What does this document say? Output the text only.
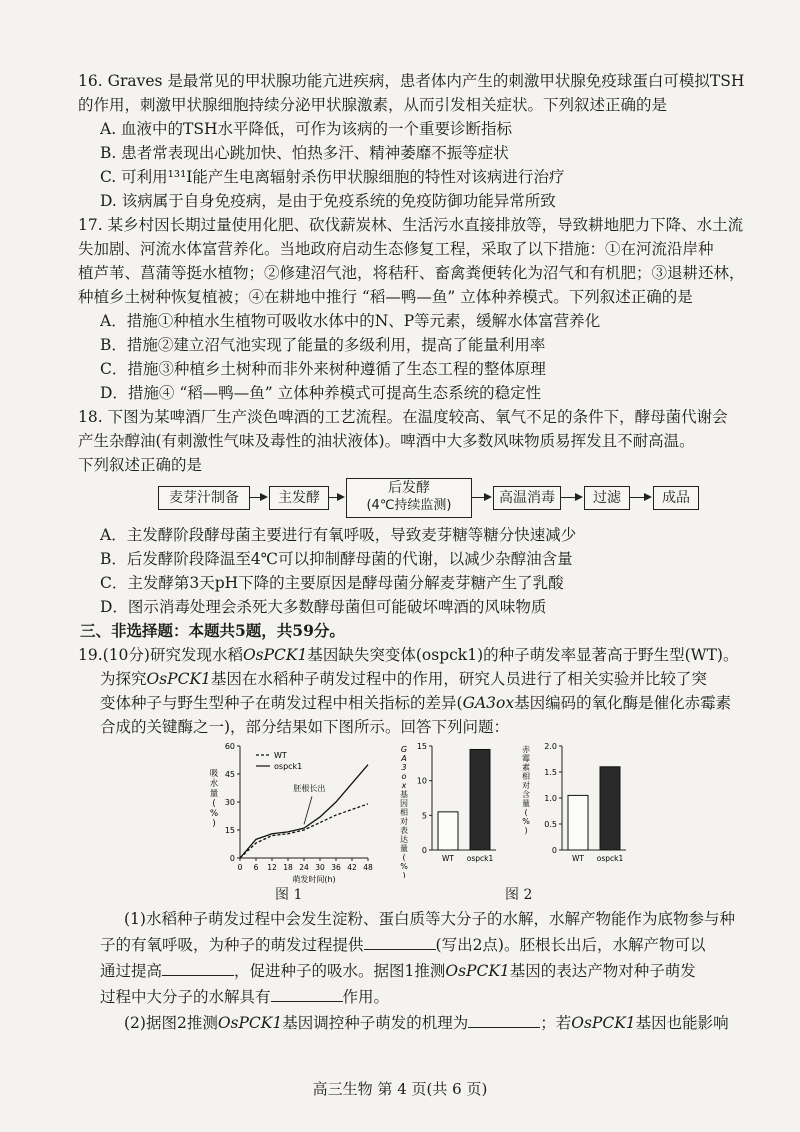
16. Graves 是最常见的甲状腺功能亢进疾病，患者体内产生的刺激甲状腺免疫球蛋白可模拟TSH
的作用，刺激甲状腺细胞持续分泌甲状腺激素，从而引发相关症状。下列叙述正确的是
A. 血液中的TSH水平降低，可作为该病的一个重要诊断指标
B. 患者常表现出心跳加快、怕热多汗、精神萎靡不振等症状
C. 可利用¹³¹I能产生电离辐射杀伤甲状腺细胞的特性对该病进行治疗
D. 该病属于自身免疫病，是由于免疫系统的免疫防御功能异常所致
17. 某乡村因长期过量使用化肥、砍伐薪炭林、生活污水直接排放等，导致耕地肥力下降、水土流
失加剧、河流水体富营养化。当地政府启动生态修复工程，采取了以下措施：①在河流沿岸种
植芦苇、菖蒲等挺水植物；②修建沼气池，将秸秆、畜禽粪便转化为沼气和有机肥；③退耕还林，
种植乡土树种恢复植被；④在耕地中推行 “稻—鸭—鱼” 立体种养模式。下列叙述正确的是
A．措施①种植水生植物可吸收水体中的N、P等元素，缓解水体富营养化
B．措施②建立沼气池实现了能量的多级利用，提高了能量利用率
C．措施③种植乡土树种而非外来树种遵循了生态工程的整体原理
D．措施④ “稻—鸭—鱼” 立体种养模式可提高生态系统的稳定性
18. 下图为某啤酒厂生产淡色啤酒的工艺流程。在温度较高、氧气不足的条件下，酵母菌代谢会
产生杂醇油(有刺激性气味及毒性的油状液体)。啤酒中大多数风味物质易挥发且不耐高温。
下列叙述正确的是
麦芽汁制备	主发酵
后发酵
(4℃持续监测)	高温消毒	过滤	成品
A．主发酵阶段酵母菌主要进行有氧呼吸，导致麦芽糖等糖分快速减少
B．后发酵阶段降温至4℃可以抑制酵母菌的代谢，以减少杂醇油含量
C．主发酵第3天pH下降的主要原因是酵母菌分解麦芽糖产生了乳酸
D．图示消毒处理会杀死大多数酵母菌但可能破坏啤酒的风味物质
三、非选择题：本题共5题，共59分。
19.(10分)研究发现水稻OsPCK1基因缺失突变体(ospck1)的种子萌发率显著高于野生型(WT)。
为探究OsPCK1基因在水稻种子萌发过程中的作用，研究人员进行了相关实验并比较了突
变体种子与野生型种子在萌发过程中相关指标的差异(GA3ox基因编码的氧化酶是催化赤霉素
合成的关键酶之一)，部分结果如下图所示。回答下列问题：
0
15
30
45
60
0 6 12 18 24 30 36 42 48
萌发时间(h)
吸
水
量
(
%
)
WT
ospck1
胚根长出
图 1
0
5
10
15
WT ospck1
G
A
3
o
x
基
因
相
对
表
达
量
(
%
)
0
0.5
1.0
1.5
2.0
WT ospck1
赤
霉
素
相
对
含
量
(
%
)
图 2
(1)水稻种子萌发过程中会发生淀粉、蛋白质等大分子的水解，水解产物能作为底物参与种
子的有氧呼吸，为种子的萌发过程提供	(写出2点)。胚根长出后，水解产物可以
通过提高	，促进种子的吸水。据图1推测OsPCK1基因的表达产物对种子萌发
过程中大分子的水解具有	作用。
(2)据图2推测OsPCK1基因调控种子萌发的机理为	；若OsPCK1基因也能影响
高三生物 第 4 页(共 6 页)
